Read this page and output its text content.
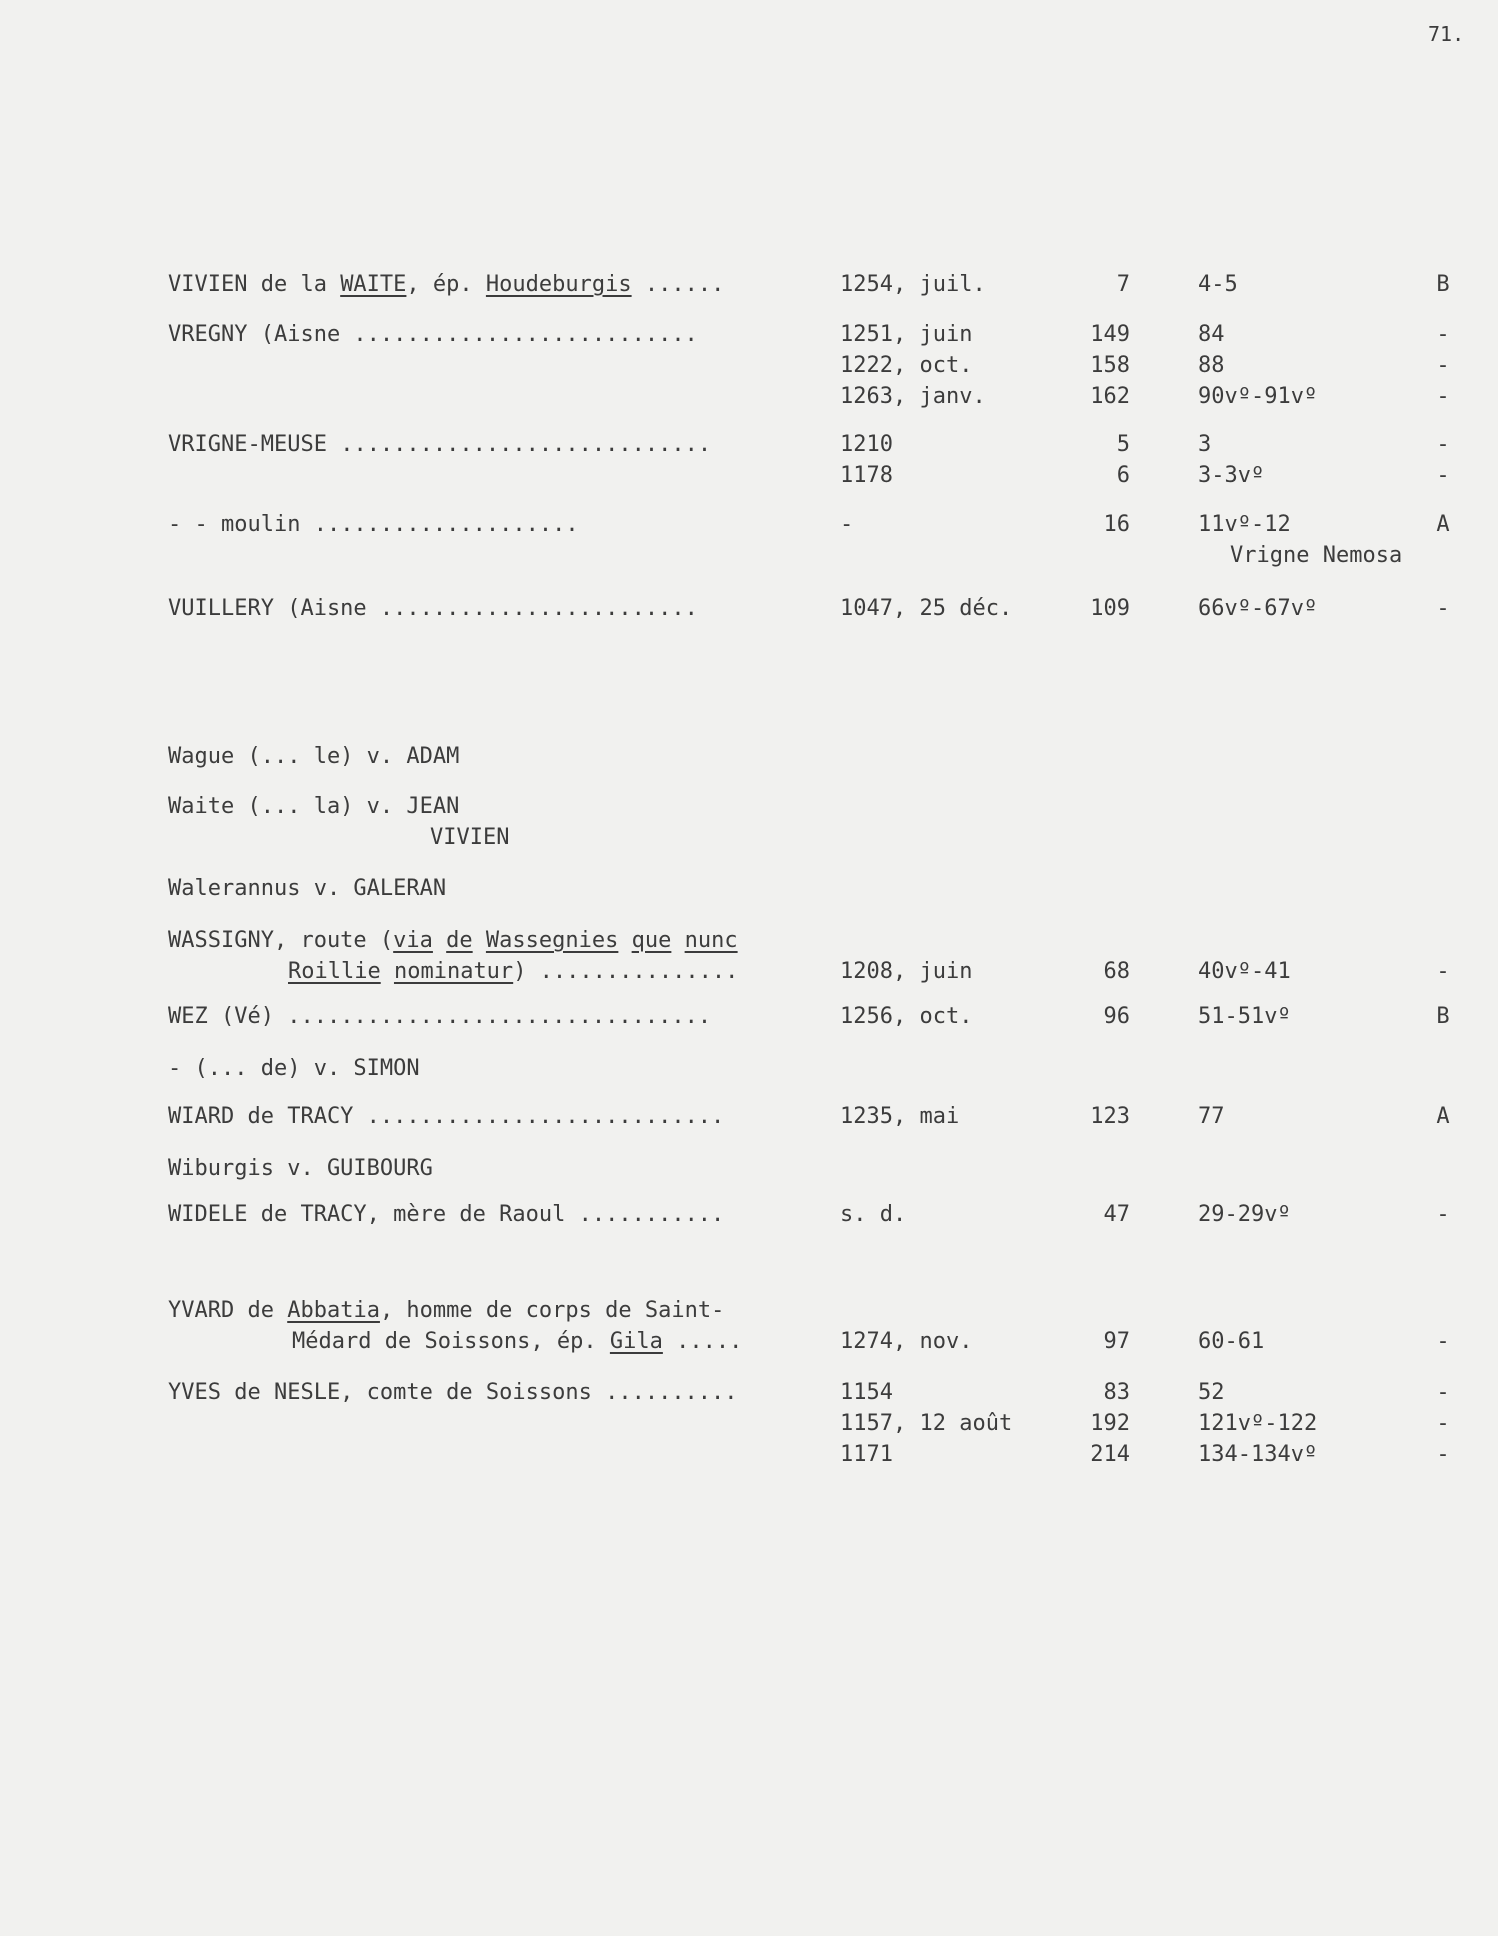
71.
VIVIEN de la WAITE, ép. Houdeburgis ......	1254, juil.	7	4-5	B
VREGNY (Aisne ..........................	1251, juin	149	84	-
1222, oct.	158	88	-
1263, janv.	162	90vº-91vº	-
VRIGNE-MEUSE ............................	1210	5	3	-
1178	6	3-3vº	-
- - moulin ....................	-	16	11vº-12	A
Vrigne Nemosa
VUILLERY (Aisne ........................	1047, 25 déc.	109	66vº-67vº	-
Wague (... le) v. ADAM
Waite (... la) v. JEAN
VIVIEN
Walerannus v. GALERAN
WASSIGNY, route (via de Wassegnies que nunc
Roillie nominatur) ...............	1208, juin	68	40vº-41	-
WEZ (Vé) ................................	1256, oct.	96	51-51vº	B
- (... de) v. SIMON
WIARD de TRACY ...........................	1235, mai	123	77	A
Wiburgis v. GUIBOURG
WIDELE de TRACY, mère de Raoul ...........	s. d.	47	29-29vº	-
YVARD de Abbatia, homme de corps de Saint-
Médard de Soissons, ép. Gila .....	1274, nov.	97	60-61	-
YVES de NESLE, comte de Soissons ..........	1154	83	52	-
1157, 12 août	192	121vº-122	-
1171	214	134-134vº	-
